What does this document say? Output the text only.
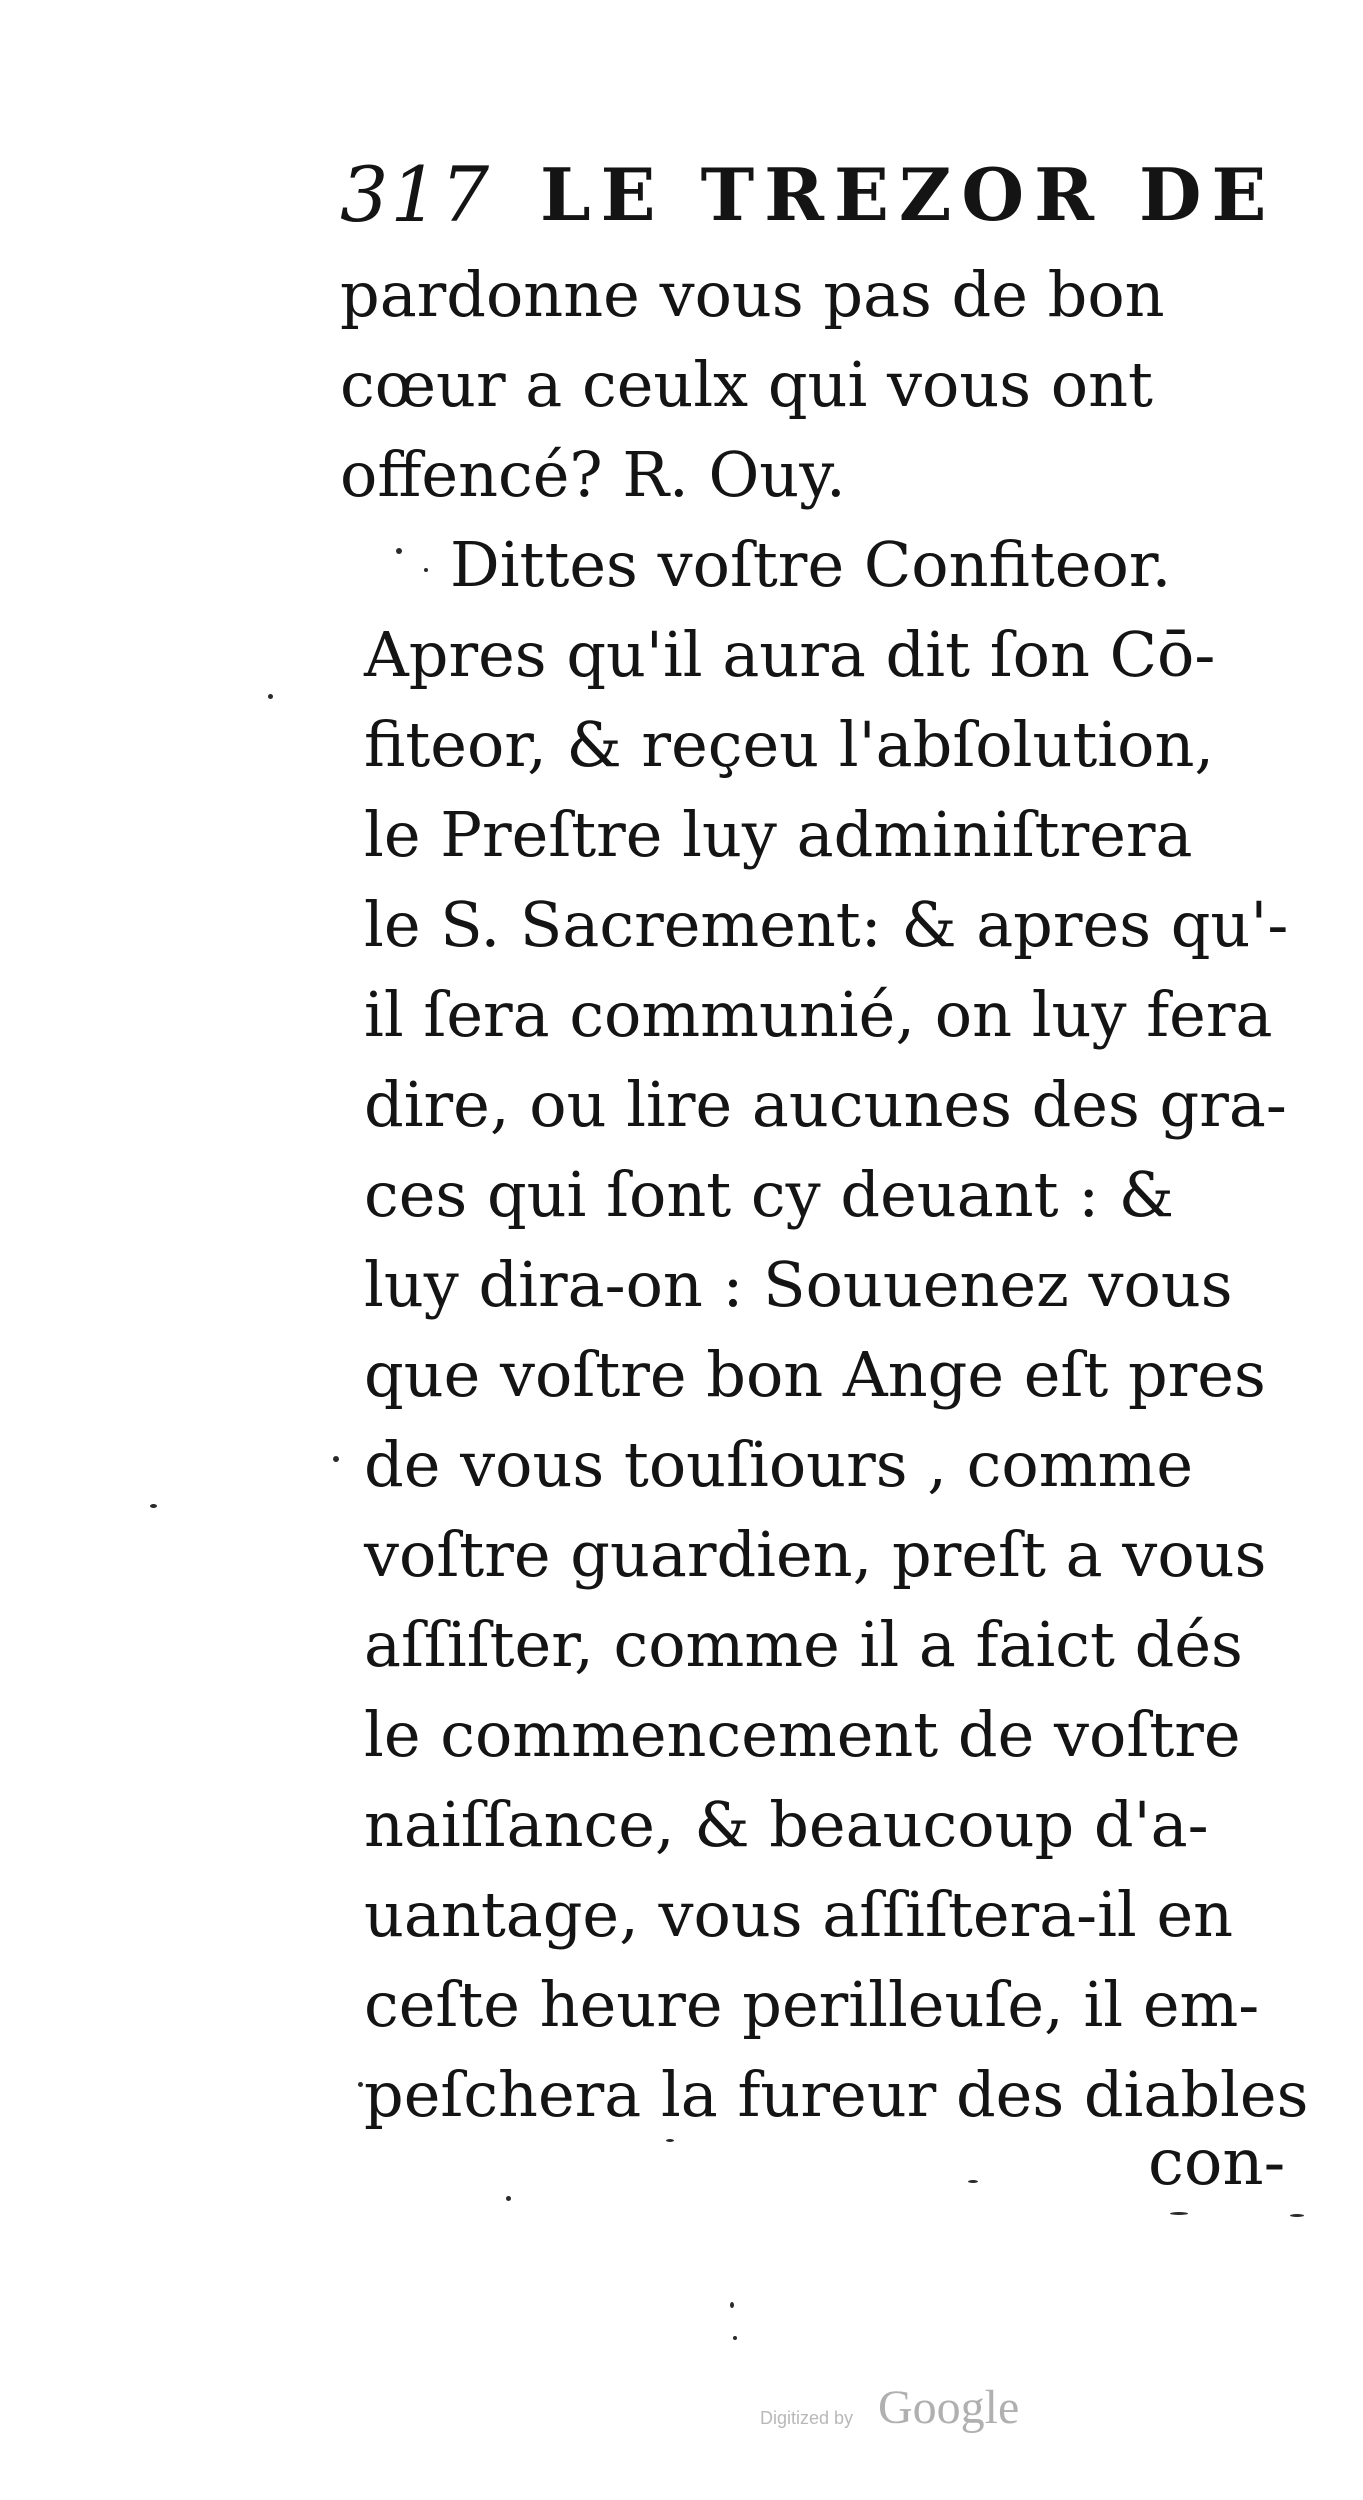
317 LE TREZOR DE
pardonne vous pas de bon
cœur a ceulx qui vous ont
offencé? R. Ouy.
Dittes voſtre Confiteor.
Apres qu'il aura dit ſon Cō-
fiteor, & reçeu l'abſolution,
le Preſtre luy adminiſtrera
le S. Sacrement: & apres qu'-
il ſera communié, on luy fera
dire, ou lire aucunes des gra-
ces qui ſont cy deuant : &
luy dira-on : Souuenez vous
que voſtre bon Ange eſt pres
de vous touſiours , comme
voſtre guardien, preſt a vous
aſſiſter, comme il a faict dés
le commencement de voſtre
naiſſance, & beaucoup d'a-
uantage, vous aſſiſtera-il en
ceſte heure perilleuſe, il em-
peſchera la fureur des diables
con-
Digitized by Google
